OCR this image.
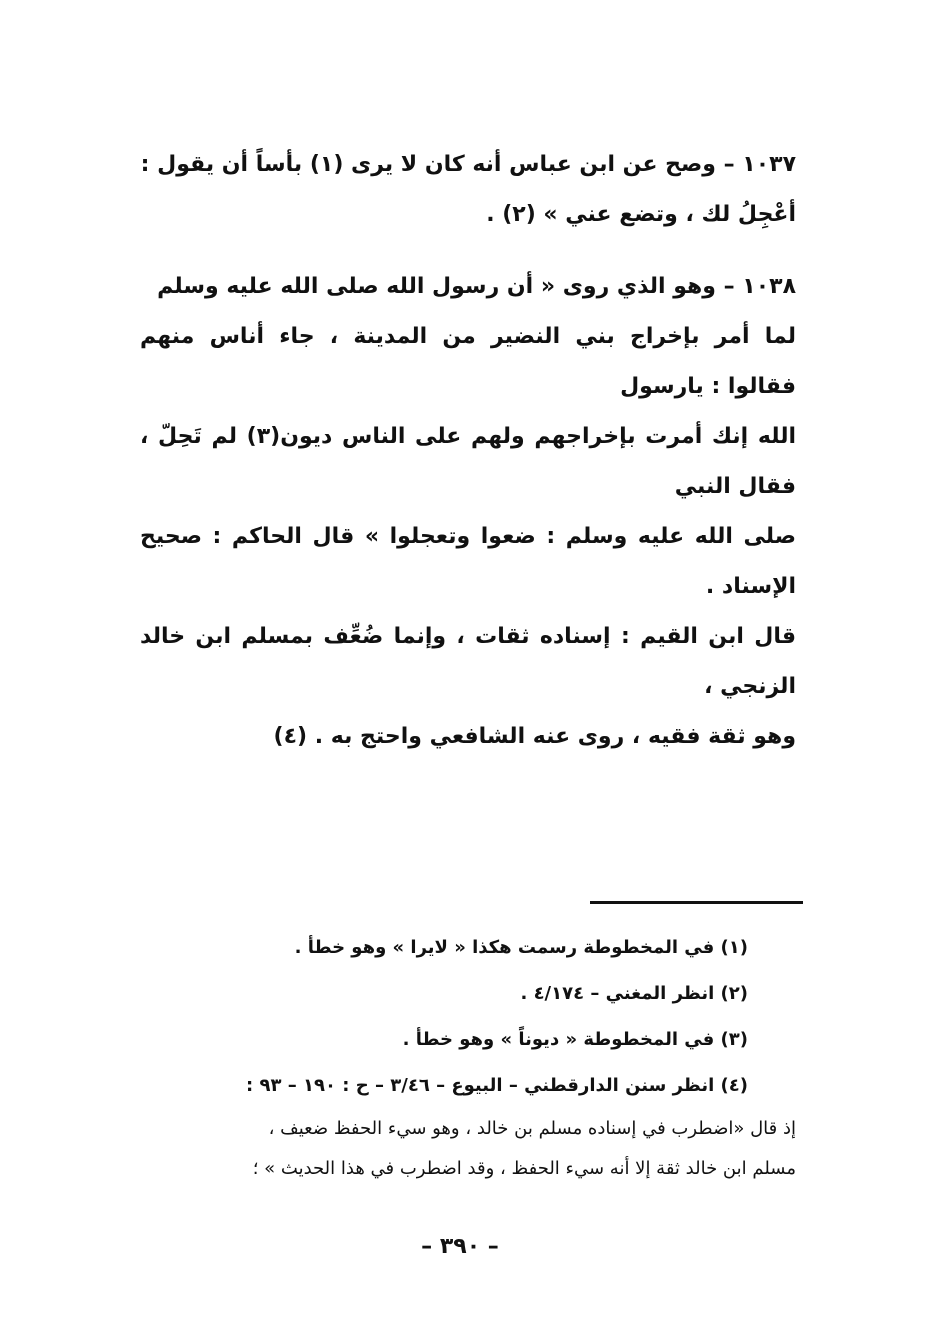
١٠٣٧ – وصح عن ابن عباس أنه كان لا يرى (١) بأساً أن يقول :

أعْجِلُ لك ، وتضع عني » (٢) .

١٠٣٨ – وهو الذي روى « أن رسول الله صلى الله عليه وسلم

لما أمر بإخراج بني النضير من المدينة ، جاء أناس منهم فقالوا : يارسول

الله إنك أمرت بإخراجهم ولهم على الناس ديون(٣) لم تَحِلّ ، فقال النبي

صلى الله عليه وسلم : ضعوا وتعجلوا » قال الحاكم : صحيح الإسناد .

قال ابن القيم : إسناده ثقات ، وإنما ضُعِّف بمسلم ابن خالد الزنجي ،

وهو ثقة فقيه ، روى عنه الشافعي واحتج به . (٤)

(١) في المخطوطة رسمت هكذا « لايرا » وهو خطأ .
(٢) انظر المغني – ٤/١٧٤ .
(٣) في المخطوطة « ديوناً » وهو خطأ .
(٤) انظر سنن الدارقطني – البيوع – ٣/٤٦ – ح : ١٩٠ – ٩٣ :
إذ قال «اضطرب في إسناده مسلم بن خالد ، وهو سيء الحفظ ضعيف ،
مسلم ابن خالد ثقة إلا أنه سيء الحفظ ، وقد اضطرب في هذا الحديث » ؛
– ٣٩٠ –
